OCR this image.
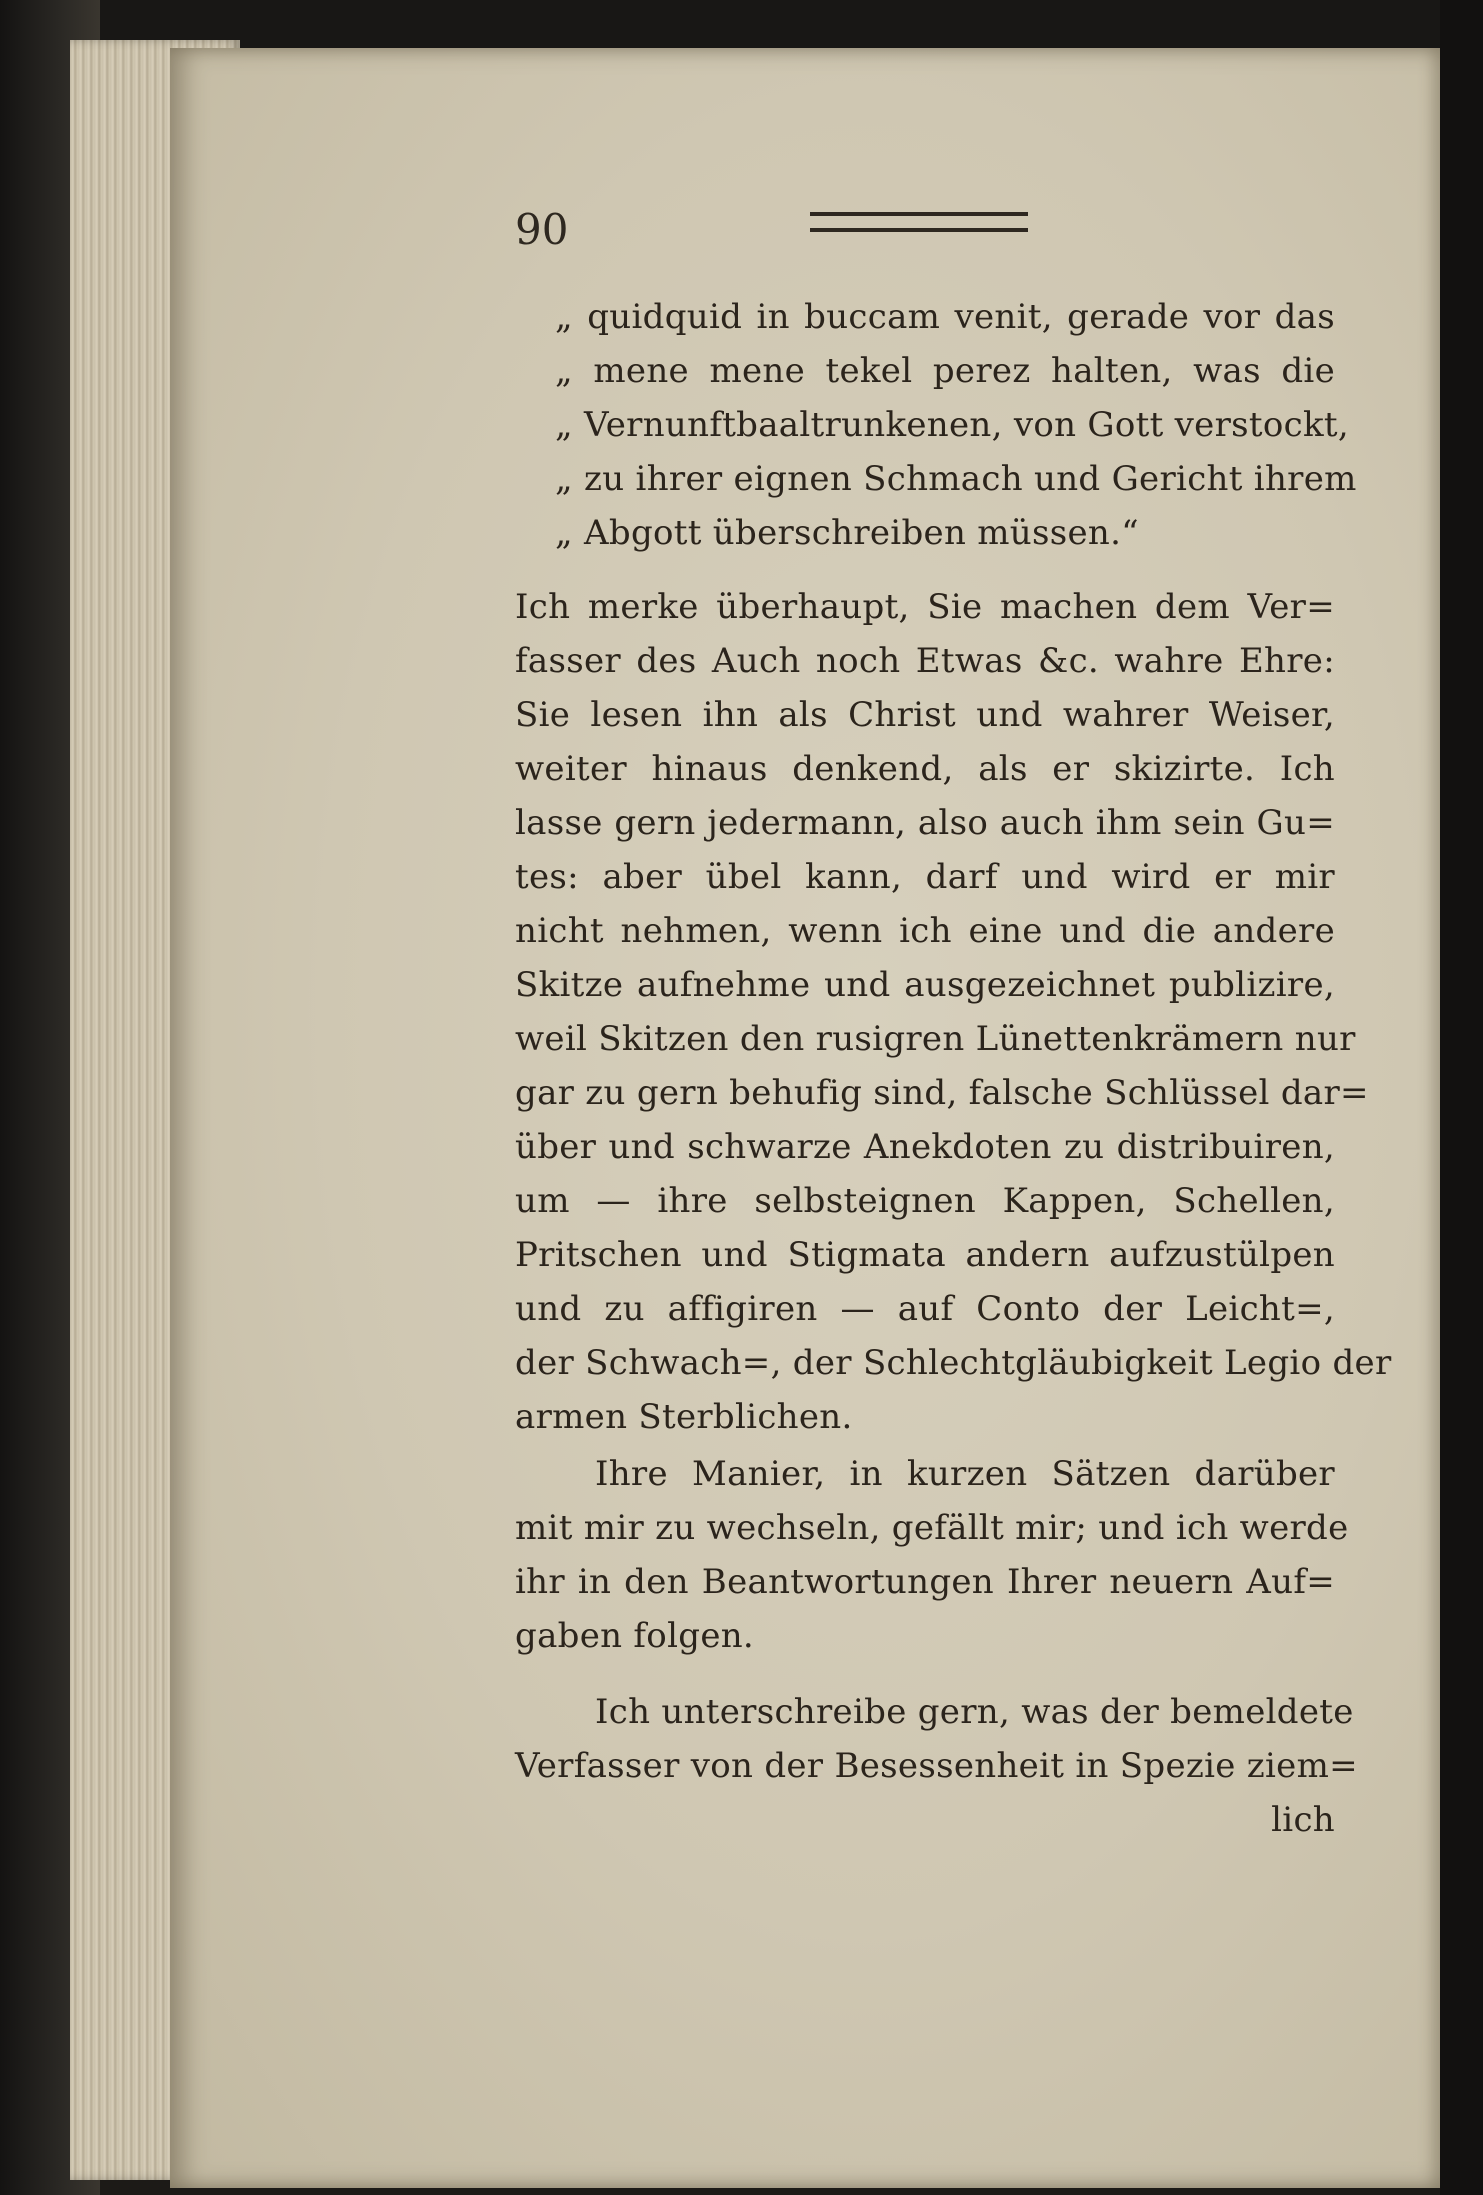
90
„ quidquid in buccam venit, gerade vor das
„ mene mene tekel perez halten, was die
„ Vernunftbaaltrunkenen, von Gott verstockt,
„ zu ihrer eignen Schmach und Gericht ihrem
„ Abgott überschreiben müssen.“
Ich merke überhaupt, Sie machen dem Ver=
fasser des Auch noch Etwas &c. wahre Ehre:
Sie lesen ihn als Christ und wahrer Weiser,
weiter hinaus denkend, als er skizirte. Ich
lasse gern jedermann, also auch ihm sein Gu=
tes: aber übel kann, darf und wird er mir
nicht nehmen, wenn ich eine und die andere
Skitze aufnehme und ausgezeichnet publizire,
weil Skitzen den rusigren Lünettenkrämern nur
gar zu gern behufig sind, falsche Schlüssel dar=
über und schwarze Anekdoten zu distribuiren,
um — ihre selbsteignen Kappen, Schellen,
Pritschen und Stigmata andern aufzustülpen
und zu affigiren — auf Conto der Leicht=,
der Schwach=, der Schlechtgläubigkeit Legio der
armen Sterblichen.
Ihre Manier, in kurzen Sätzen darüber
mit mir zu wechseln, gefällt mir; und ich werde
ihr in den Beantwortungen Ihrer neuern Auf=
gaben folgen.
Ich unterschreibe gern, was der bemeldete
Verfasser von der Besessenheit in Spezie ziem=
lich
